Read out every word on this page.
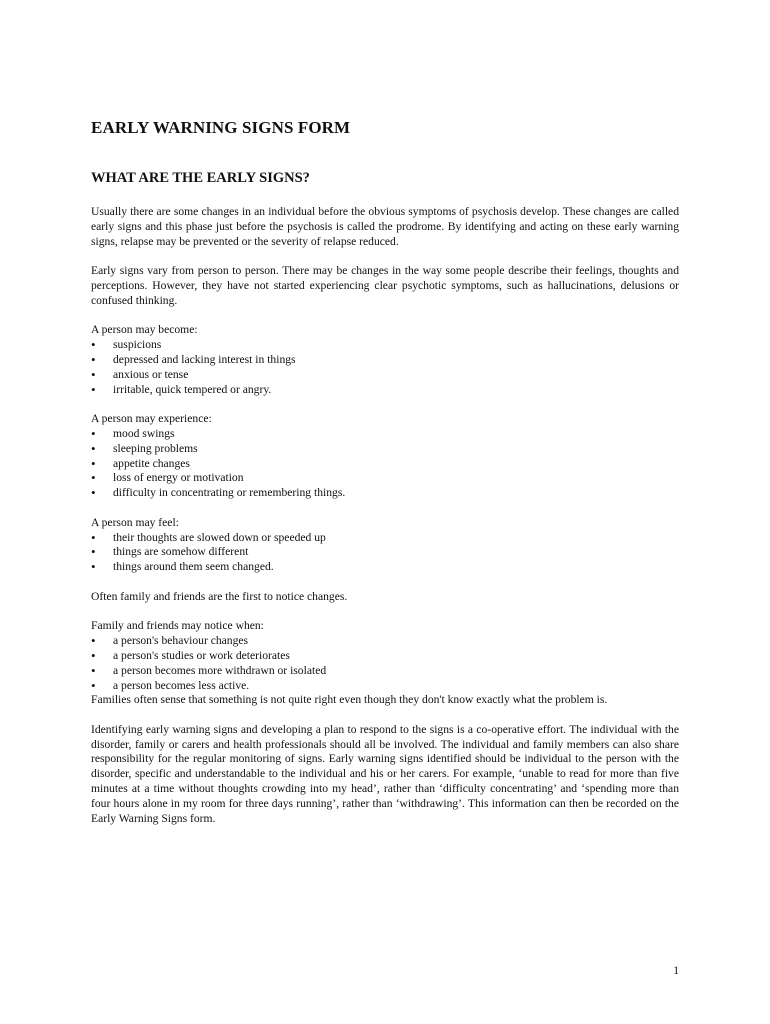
EARLY WARNING SIGNS FORM
WHAT ARE THE EARLY SIGNS?

Usually there are some changes in an individual before the obvious symptoms of psychosis develop. These changes are called early signs and this phase just before the psychosis is called the prodrome. By identifying and acting on these early warning signs, relapse may be prevented or the severity of relapse reduced.

Early signs vary from person to person. There may be changes in the way some people describe their feelings, thoughts and perceptions. However, they have not started experiencing clear psychotic symptoms, such as hallucinations, delusions or confused thinking.

A person may become:

• suspicions
• depressed and lacking interest in things
• anxious or tense
• irritable, quick tempered or angry.

A person may experience:

• mood swings
• sleeping problems
• appetite changes
• loss of energy or motivation
• difficulty in concentrating or remembering things.

A person may feel:

• their thoughts are slowed down or speeded up
• things are somehow different
• things around them seem changed.

Often family and friends are the first to notice changes.

Family and friends may notice when:

• a person's behaviour changes
• a person's studies or work deteriorates
• a person becomes more withdrawn or isolated
• a person becomes less active.

Families often sense that something is not quite right even though they don't know exactly what the problem is.

Identifying early warning signs and developing a plan to respond to the signs is a co-operative effort. The individual with the disorder, family or carers and health professionals should all be involved. The individual and family members can also share responsibility for the regular monitoring of signs. Early warning signs identified should be individual to the person with the disorder, specific and understandable to the individual and his or her carers. For example, ‘unable to read for more than five minutes at a time without thoughts crowding into my head’, rather than ‘difficulty concentrating’ and ‘spending more than four hours alone in my room for three days running’, rather than ‘withdrawing’. This information can then be recorded on the Early Warning Signs form.

1
